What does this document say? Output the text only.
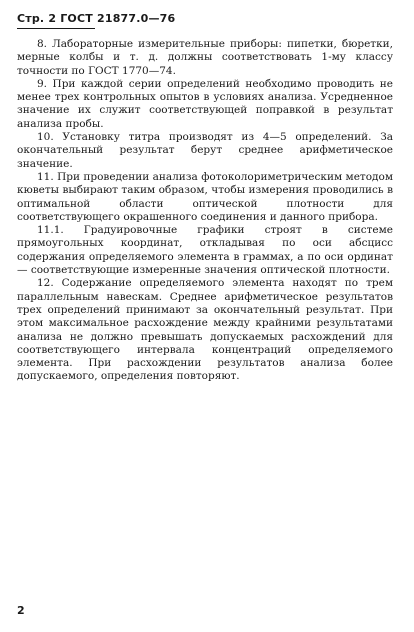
Стр. 2 ГОСТ 21877.0—76

8. Лабораторные измерительные приборы: пипетки, бюретки, мерные колбы и т. д. должны соответствовать 1-му классу точности по ГОСТ 1770—74.

9. При каждой серии определений необходимо проводить не менее трех контрольных опытов в условиях анализа. Усредненное значение их служит соответствующей поправкой в результат анализа пробы.

10. Установку титра производят из 4—5 определений. За окончательный результат берут среднее арифметическое значение.

11. При проведении анализа фотоколориметрическим методом кюветы выбирают таким образом, чтобы измерения проводились в оптимальной области оптической плотности для соответствующего окрашенного соединения и данного прибора.

11.1. Градуировочные графики строят в системе прямоугольных координат, откладывая по оси абсцисс содержания определяемого элемента в граммах, а по оси ординат — соответствующие измеренные значения оптической плотности.

12. Содержание определяемого элемента находят по трем параллельным навескам. Среднее арифметическое результатов трех определений принимают за окончательный результат. При этом максимальное расхождение между крайними результатами анализа не должно превышать допускаемых расхождений для соответствующего интервала концентраций определяемого элемента. При расхождении результатов анализа более допускаемого, определения повторяют.

2
